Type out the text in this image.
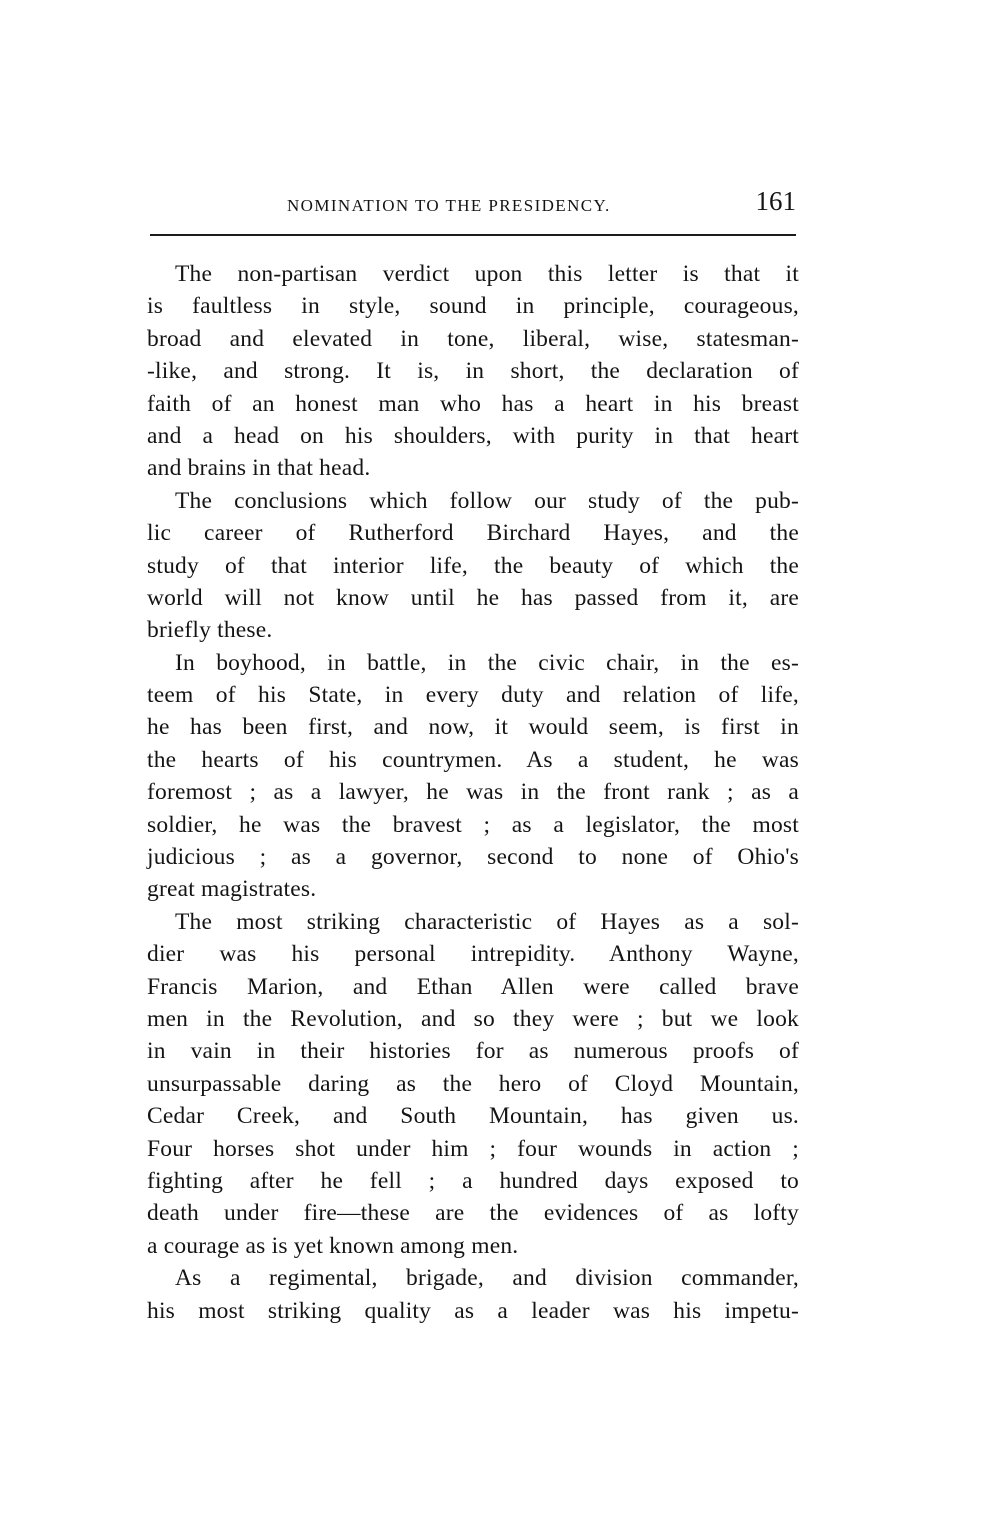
NOMINATION TO THE PRESIDENCY.	161
The non-partisan verdict upon this letter is that it
is faultless in style, sound in principle, courageous,
broad and elevated in tone, liberal, wise, statesman-
-like, and strong. It is, in short, the declaration of
faith of an honest man who has a heart in his breast
and a head on his shoulders, with purity in that heart
and brains in that head.
The conclusions which follow our study of the pub-
lic career of Rutherford Birchard Hayes, and the
study of that interior life, the beauty of which the
world will not know until he has passed from it, are
briefly these.
In boyhood, in battle, in the civic chair, in the es-
teem of his State, in every duty and relation of life,
he has been first, and now, it would seem, is first in
the hearts of his countrymen. As a student, he was
foremost ; as a lawyer, he was in the front rank ; as a
soldier, he was the bravest ; as a legislator, the most
judicious ; as a governor, second to none of Ohio's
great magistrates.
The most striking characteristic of Hayes as a sol-
dier was his personal intrepidity. Anthony Wayne,
Francis Marion, and Ethan Allen were called brave
men in the Revolution, and so they were ; but we look
in vain in their histories for as numerous proofs of
unsurpassable daring as the hero of Cloyd Mountain,
Cedar Creek, and South Mountain, has given us.
Four horses shot under him ; four wounds in action ;
fighting after he fell ; a hundred days exposed to
death under fire—these are the evidences of as lofty
a courage as is yet known among men.
As a regimental, brigade, and division commander,
his most striking quality as a leader was his impetu-
